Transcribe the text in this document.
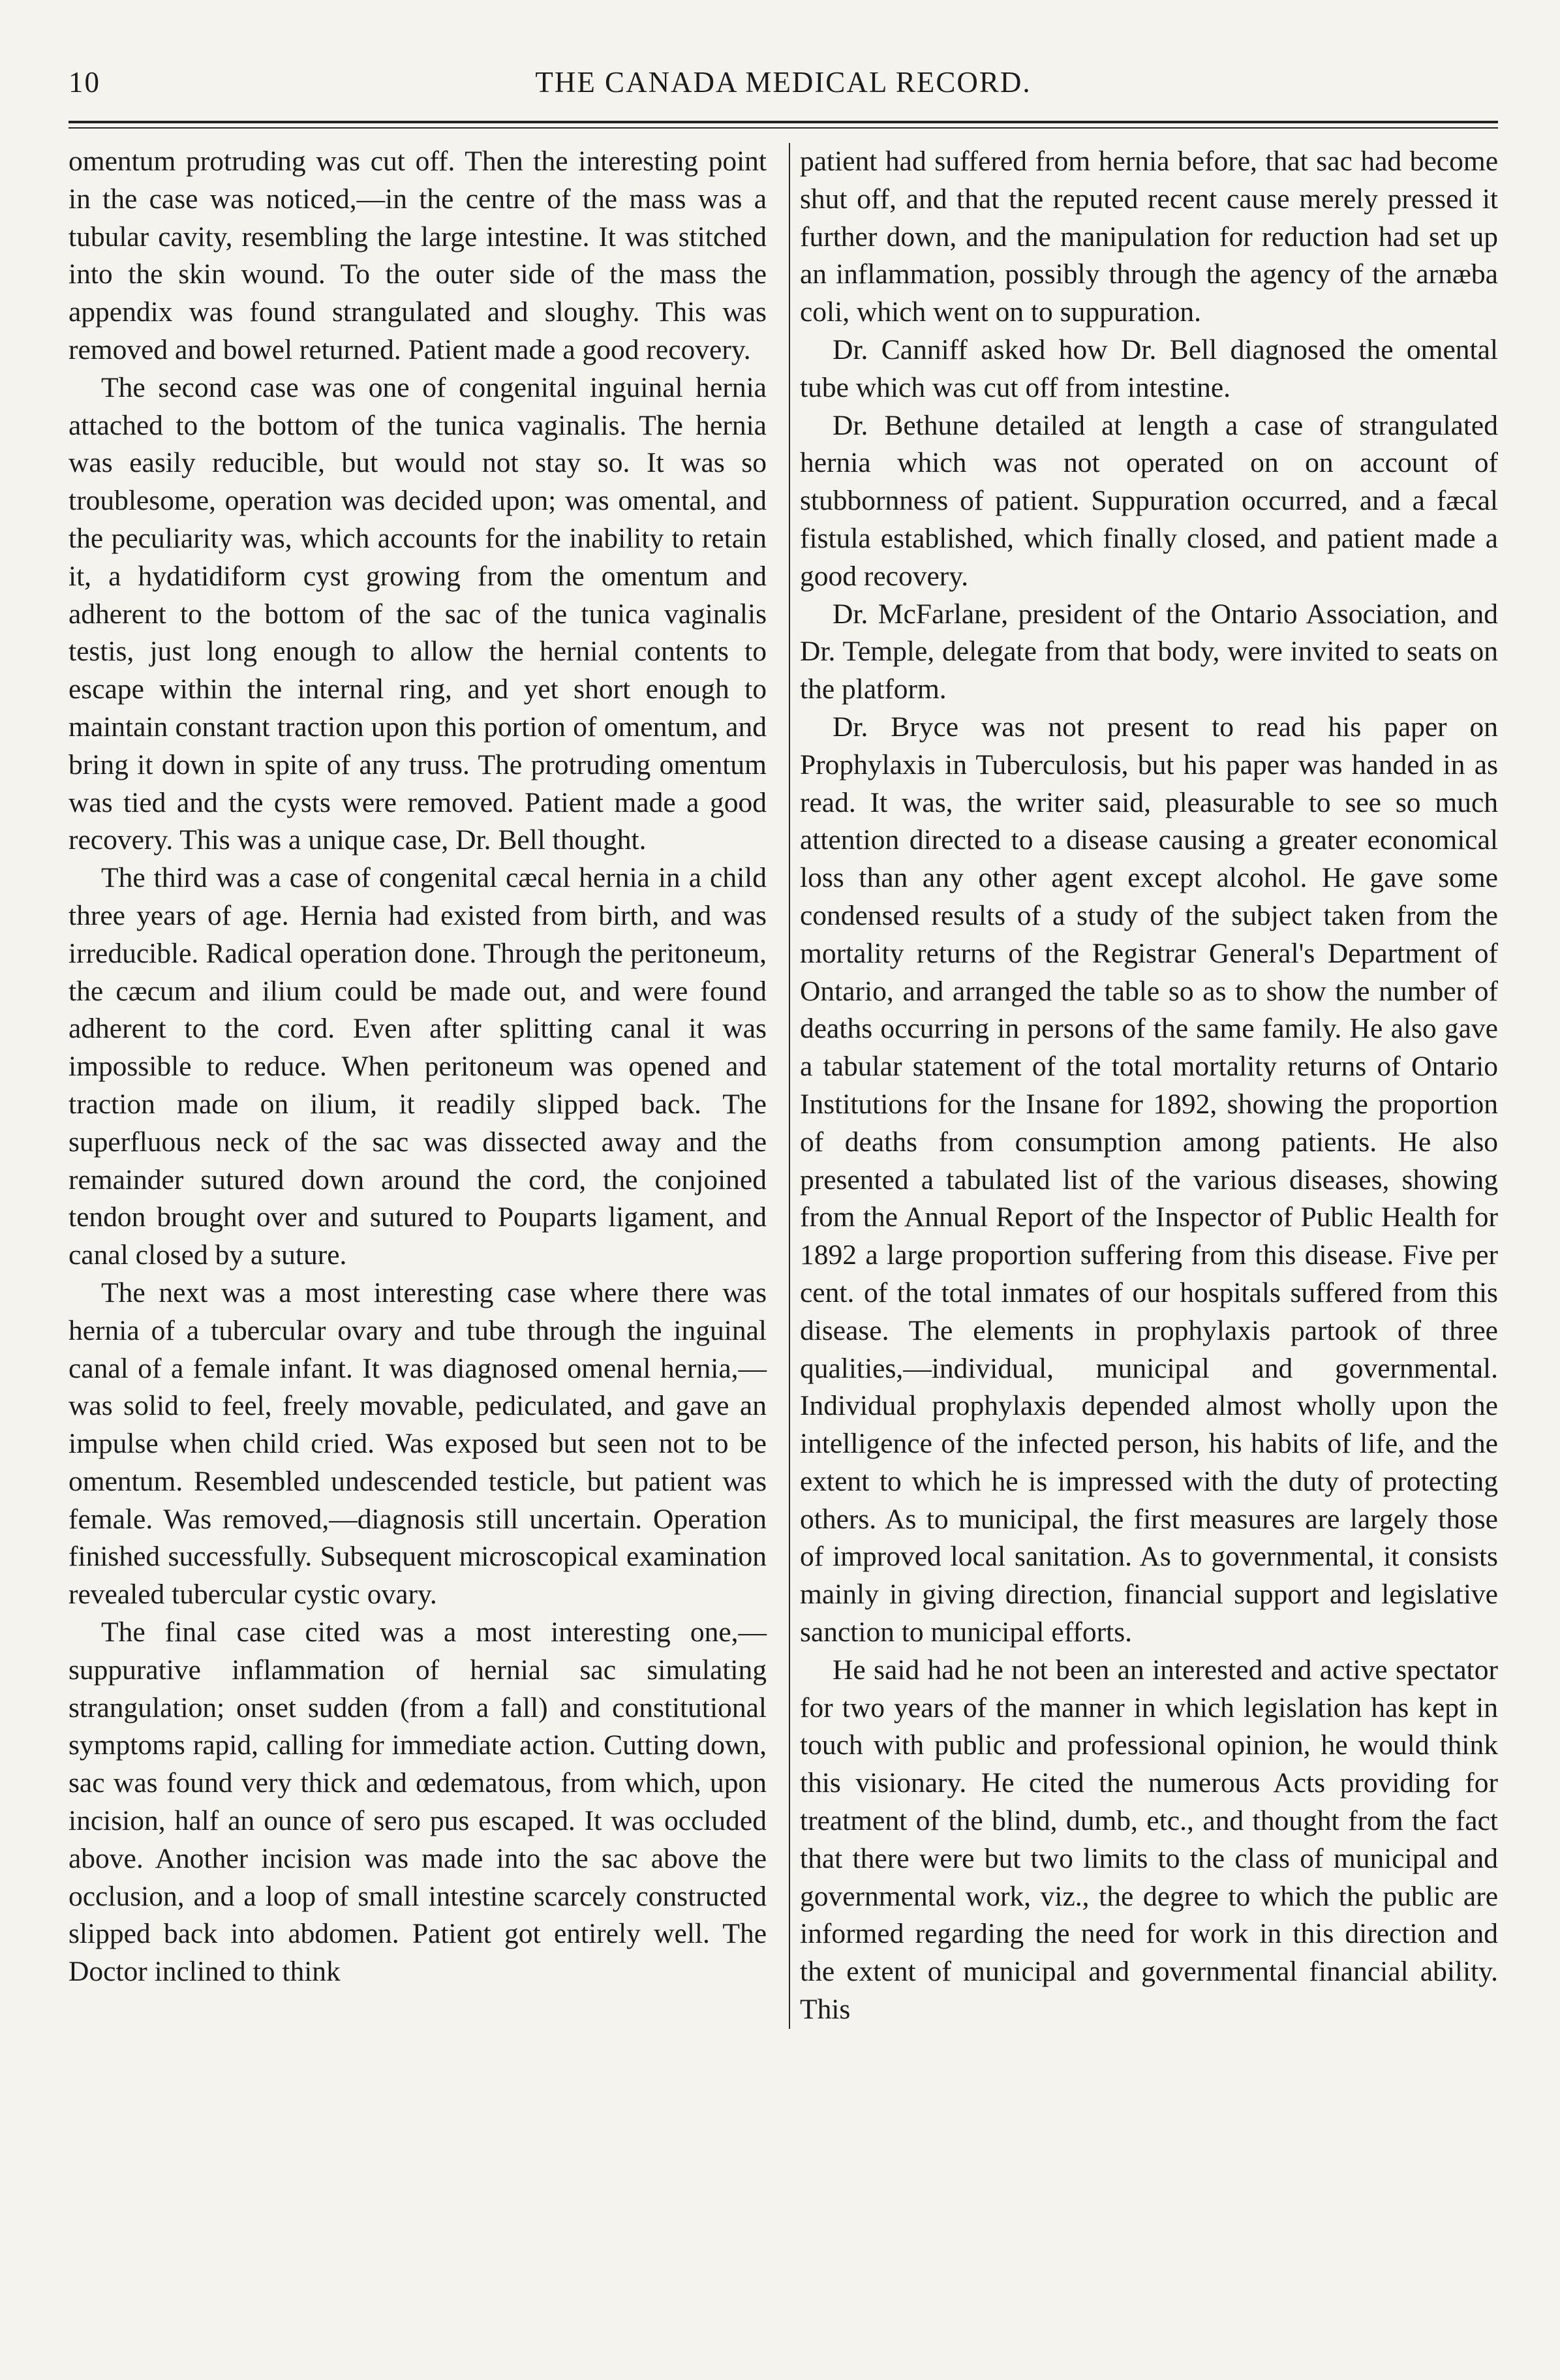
10	THE CANADA MEDICAL RECORD.

omentum protruding was cut off. Then the interesting point in the case was noticed,—in the centre of the mass was a tubular cavity, resembling the large intestine. It was stitched into the skin wound. To the outer side of the mass the appendix was found strangulated and sloughy. This was removed and bowel returned. Patient made a good recovery.

The second case was one of congenital inguinal hernia attached to the bottom of the tunica vaginalis. The hernia was easily reducible, but would not stay so. It was so troublesome, operation was decided upon; was omental, and the peculiarity was, which accounts for the inability to retain it, a hydatidiform cyst growing from the omentum and adherent to the bottom of the sac of the tunica vaginalis testis, just long enough to allow the hernial contents to escape within the internal ring, and yet short enough to maintain constant traction upon this portion of omentum, and bring it down in spite of any truss. The protruding omentum was tied and the cysts were removed. Patient made a good recovery. This was a unique case, Dr. Bell thought.

The third was a case of congenital cæcal hernia in a child three years of age. Hernia had existed from birth, and was irreducible. Radical operation done. Through the peritoneum, the cæcum and ilium could be made out, and were found adherent to the cord. Even after splitting canal it was impossible to reduce. When peritoneum was opened and traction made on ilium, it readily slipped back. The superfluous neck of the sac was dissected away and the remainder sutured down around the cord, the conjoined tendon brought over and sutured to Pouparts ligament, and canal closed by a suture.

The next was a most interesting case where there was hernia of a tubercular ovary and tube through the inguinal canal of a female infant. It was diagnosed omenal hernia,—was solid to feel, freely movable, pediculated, and gave an impulse when child cried. Was exposed but seen not to be omentum. Resembled undescended testicle, but patient was female. Was removed,—diagnosis still uncertain. Operation finished successfully. Subsequent microscopical examination revealed tubercular cystic ovary.

The final case cited was a most interesting one,—suppurative inflammation of hernial sac simulating strangulation; onset sudden (from a fall) and constitutional symptoms rapid, calling for immediate action. Cutting down, sac was found very thick and œdematous, from which, upon incision, half an ounce of sero pus escaped. It was occluded above. Another incision was made into the sac above the occlusion, and a loop of small intestine scarcely constructed slipped back into abdomen. Patient got entirely well. The Doctor inclined to think

patient had suffered from hernia before, that sac had become shut off, and that the reputed recent cause merely pressed it further down, and the manipulation for reduction had set up an inflammation, possibly through the agency of the arnæba coli, which went on to suppuration.

Dr. Canniff asked how Dr. Bell diagnosed the omental tube which was cut off from intestine.

Dr. Bethune detailed at length a case of strangulated hernia which was not operated on on account of stubbornness of patient. Suppuration occurred, and a fæcal fistula established, which finally closed, and patient made a good recovery.

Dr. McFarlane, president of the Ontario Association, and Dr. Temple, delegate from that body, were invited to seats on the platform.

Dr. Bryce was not present to read his paper on Prophylaxis in Tuberculosis, but his paper was handed in as read. It was, the writer said, pleasurable to see so much attention directed to a disease causing a greater economical loss than any other agent except alcohol. He gave some condensed results of a study of the subject taken from the mortality returns of the Registrar General's Department of Ontario, and arranged the table so as to show the number of deaths occurring in persons of the same family. He also gave a tabular statement of the total mortality returns of Ontario Institutions for the Insane for 1892, showing the proportion of deaths from consumption among patients. He also presented a tabulated list of the various diseases, showing from the Annual Report of the Inspector of Public Health for 1892 a large proportion suffering from this disease. Five per cent. of the total inmates of our hospitals suffered from this disease. The elements in prophylaxis partook of three qualities,—individual, municipal and governmental. Individual prophylaxis depended almost wholly upon the intelligence of the infected person, his habits of life, and the extent to which he is impressed with the duty of protecting others. As to municipal, the first measures are largely those of improved local sanitation. As to governmental, it consists mainly in giving direction, financial support and legislative sanction to municipal efforts.

He said had he not been an interested and active spectator for two years of the manner in which legislation has kept in touch with public and professional opinion, he would think this visionary. He cited the numerous Acts providing for treatment of the blind, dumb, etc., and thought from the fact that there were but two limits to the class of municipal and governmental work, viz., the degree to which the public are informed regarding the need for work in this direction and the extent of municipal and governmental financial ability. This
